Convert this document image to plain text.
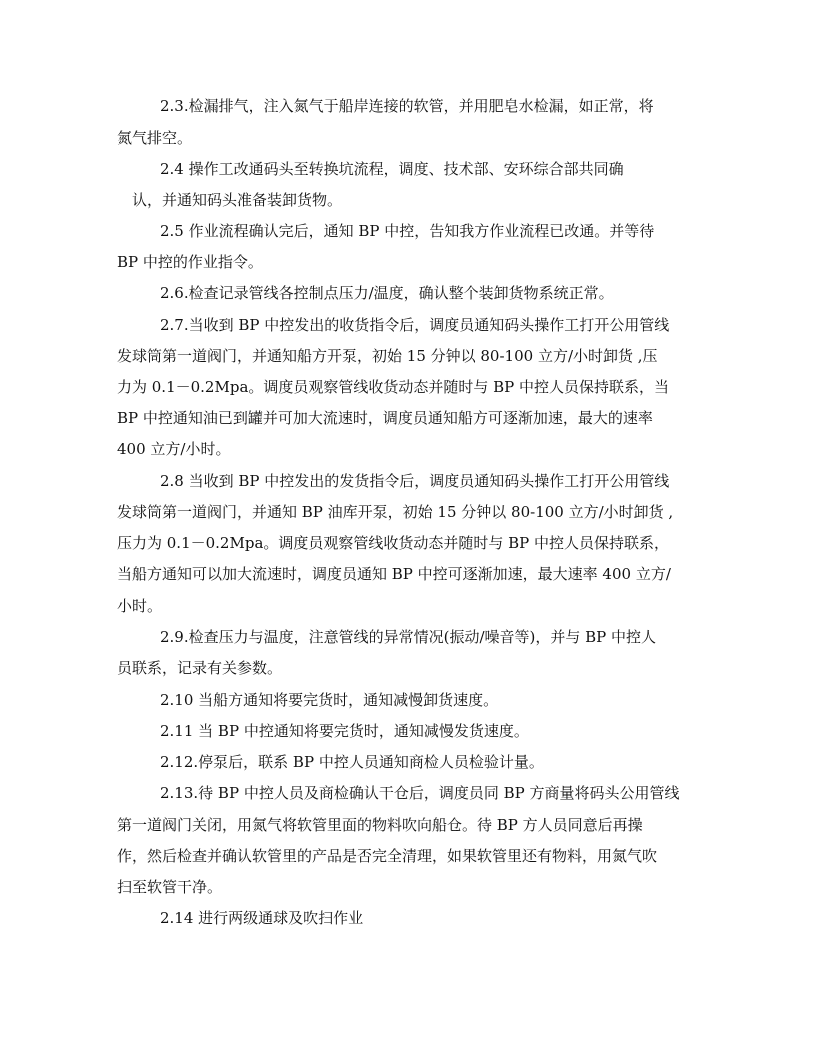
2.3.检漏排气，注入氮气于船岸连接的软管，并用肥皂水检漏，如正常，将
氮气排空。
2.4 操作工改通码头至转换坑流程，调度、技术部、安环综合部共同确
认，并通知码头准备装卸货物。
2.5 作业流程确认完后，通知 BP 中控，告知我方作业流程已改通。并等待
BP 中控的作业指令。
2.6.检查记录管线各控制点压力/温度，确认整个装卸货物系统正常。
2.7.当收到 BP 中控发出的收货指令后，调度员通知码头操作工打开公用管线
发球筒第一道阀门，并通知船方开泵，初始 15 分钟以 80-100 立方/小时卸货 ,压
力为 0.1－0.2Mpa。调度员观察管线收货动态并随时与 BP 中控人员保持联系，当
BP 中控通知油已到罐并可加大流速时，调度员通知船方可逐渐加速，最大的速率
400 立方/小时。
2.8 当收到 BP 中控发出的发货指令后，调度员通知码头操作工打开公用管线
发球筒第一道阀门，并通知 BP 油库开泵，初始 15 分钟以 80-100 立方/小时卸货 ,
压力为 0.1－0.2Mpa。调度员观察管线收货动态并随时与 BP 中控人员保持联系，
当船方通知可以加大流速时，调度员通知 BP 中控可逐渐加速，最大速率 400 立方/
小时。
2.9.检查压力与温度，注意管线的异常情况(振动/噪音等)，并与 BP 中控人
员联系，记录有关参数。
2.10 当船方通知将要完货时，通知减慢卸货速度。
2.11 当 BP 中控通知将要完货时，通知减慢发货速度。
2.12.停泵后，联系 BP 中控人员通知商检人员检验计量。
2.13.待 BP 中控人员及商检确认干仓后，调度员同 BP 方商量将码头公用管线
第一道阀门关闭，用氮气将软管里面的物料吹向船仓。待 BP 方人员同意后再操
作，然后检查并确认软管里的产品是否完全清理，如果软管里还有物料，用氮气吹
扫至软管干净。
2.14 进行两级通球及吹扫作业
